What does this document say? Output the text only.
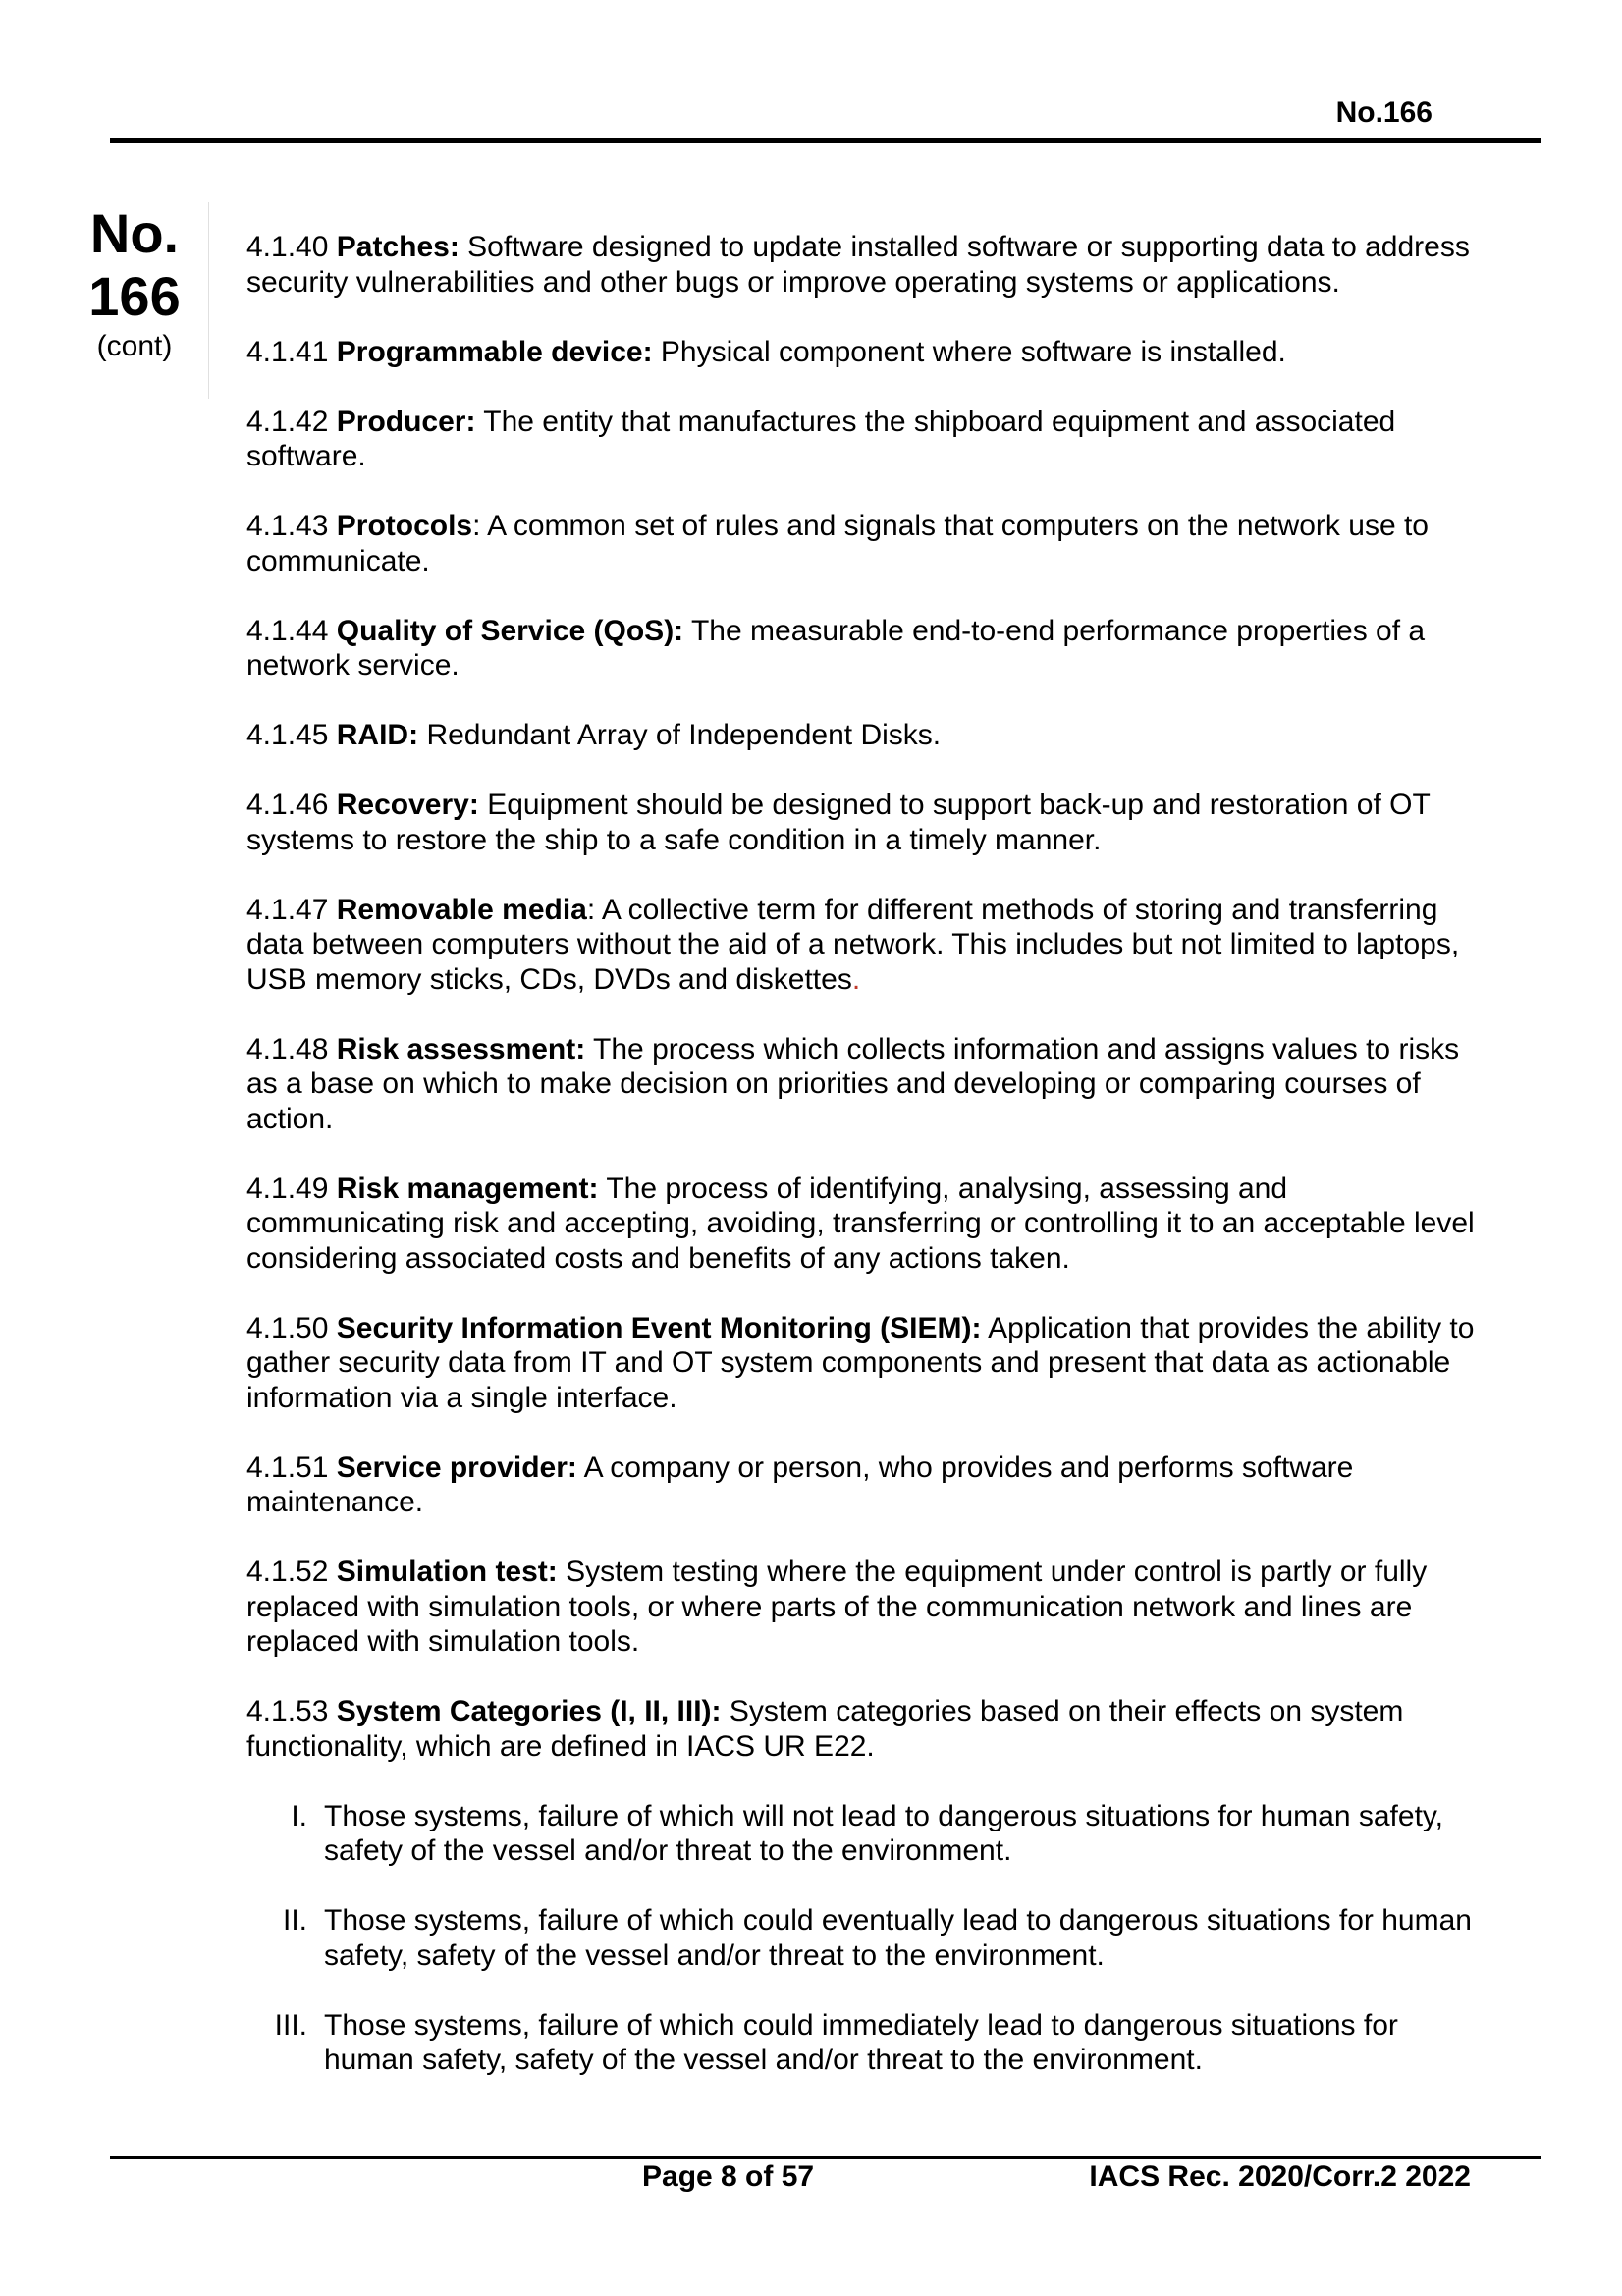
No.166
No.
166
(cont)

4.1.40 Patches: Software designed to update installed software or supporting data to address security vulnerabilities and other bugs or improve operating systems or applications.

4.1.41 Programmable device: Physical component where software is installed.

4.1.42 Producer: The entity that manufactures the shipboard equipment and associated software.

4.1.43 Protocols: A common set of rules and signals that computers on the network use to communicate.

4.1.44 Quality of Service (QoS): The measurable end-to-end performance properties of a network service.

4.1.45 RAID: Redundant Array of Independent Disks.

4.1.46 Recovery: Equipment should be designed to support back-up and restoration of OT systems to restore the ship to a safe condition in a timely manner.

4.1.47 Removable media: A collective term for different methods of storing and transferring data between computers without the aid of a network. This includes but not limited to laptops, USB memory sticks, CDs, DVDs and diskettes.

4.1.48 Risk assessment: The process which collects information and assigns values to risks as a base on which to make decision on priorities and developing or comparing courses of action.

4.1.49 Risk management: The process of identifying, analysing, assessing and communicating risk and accepting, avoiding, transferring or controlling it to an acceptable level considering associated costs and benefits of any actions taken.

4.1.50 Security Information Event Monitoring (SIEM): Application that provides the ability to gather security data from IT and OT system components and present that data as actionable information via a single interface.

4.1.51 Service provider: A company or person, who provides and performs software maintenance.

4.1.52 Simulation test: System testing where the equipment under control is partly or fully replaced with simulation tools, or where parts of the communication network and lines are replaced with simulation tools.

4.1.53 System Categories (I, II, III): System categories based on their effects on system functionality, which are defined in IACS UR E22.

I. Those systems, failure of which will not lead to dangerous situations for human safety, safety of the vessel and/or threat to the environment.
II. Those systems, failure of which could eventually lead to dangerous situations for human safety, safety of the vessel and/or threat to the environment.
III. Those systems, failure of which could immediately lead to dangerous situations for human safety, safety of the vessel and/or threat to the environment.
Page 8 of 57	IACS Rec. 2020/Corr.2 2022
